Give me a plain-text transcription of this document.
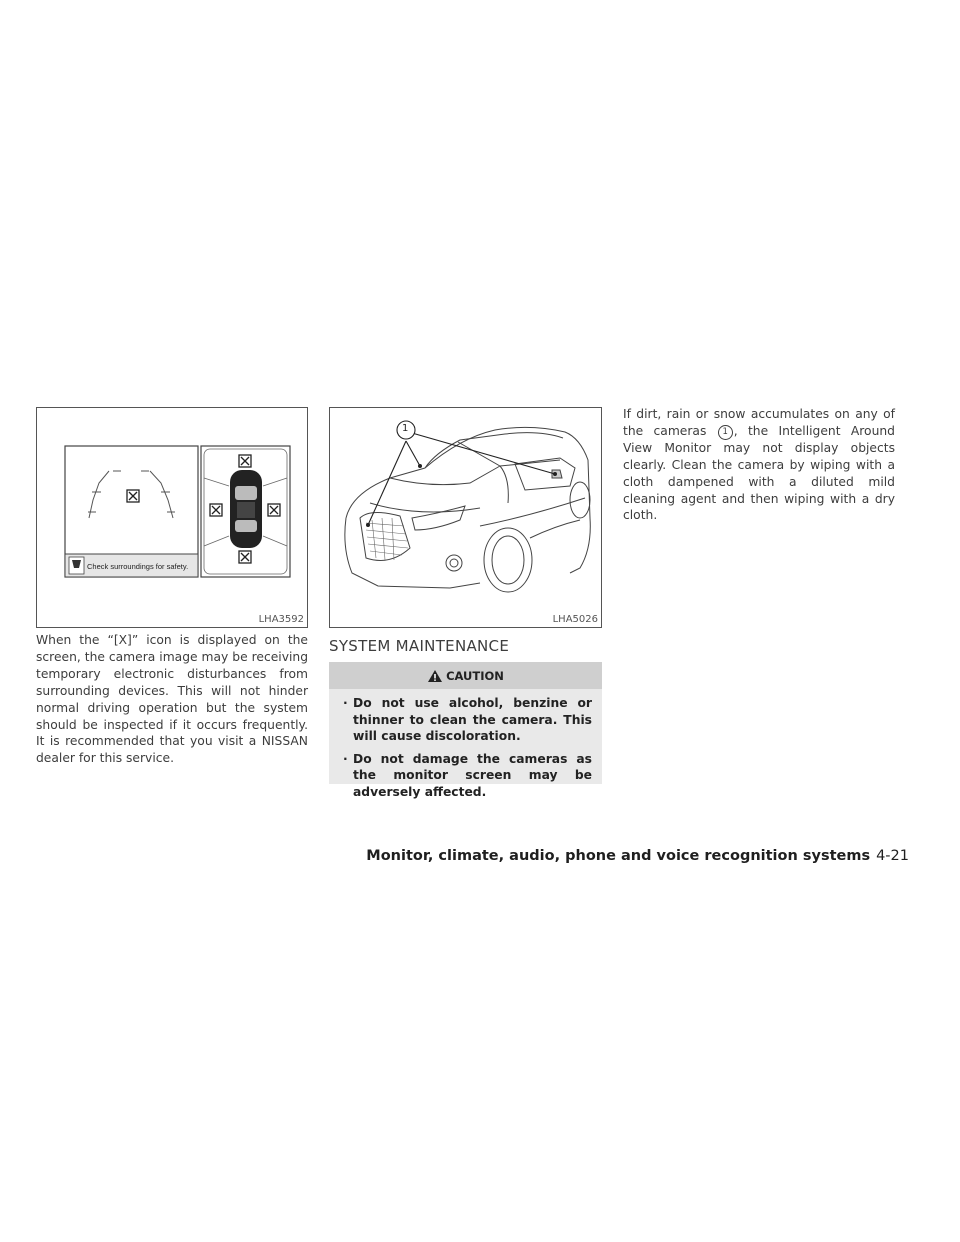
Check surroundings for safety.
LHA3592
1
LHA5026

When the “[X]” icon is displayed on the screen, the camera image may be receiving temporary electronic disturbances from surrounding devices. This will not hinder normal driving operation but the system should be inspected if it occurs frequently. It is recommended that you visit a NISSAN dealer for this service.

SYSTEM MAINTENANCE
CAUTION
· Do not use alcohol, benzine or thinner to clean the camera. This will cause discoloration.
· Do not damage the cameras as the monitor screen may be adversely affected.

If dirt, rain or snow accumulates on any of the cameras 1 , the Intelligent Around View Monitor may not display objects clearly. Clean the camera by wiping with a cloth dampened with a diluted mild cleaning agent and then wiping with a dry cloth.

Monitor, climate, audio, phone and voice recognition systems 4-21
